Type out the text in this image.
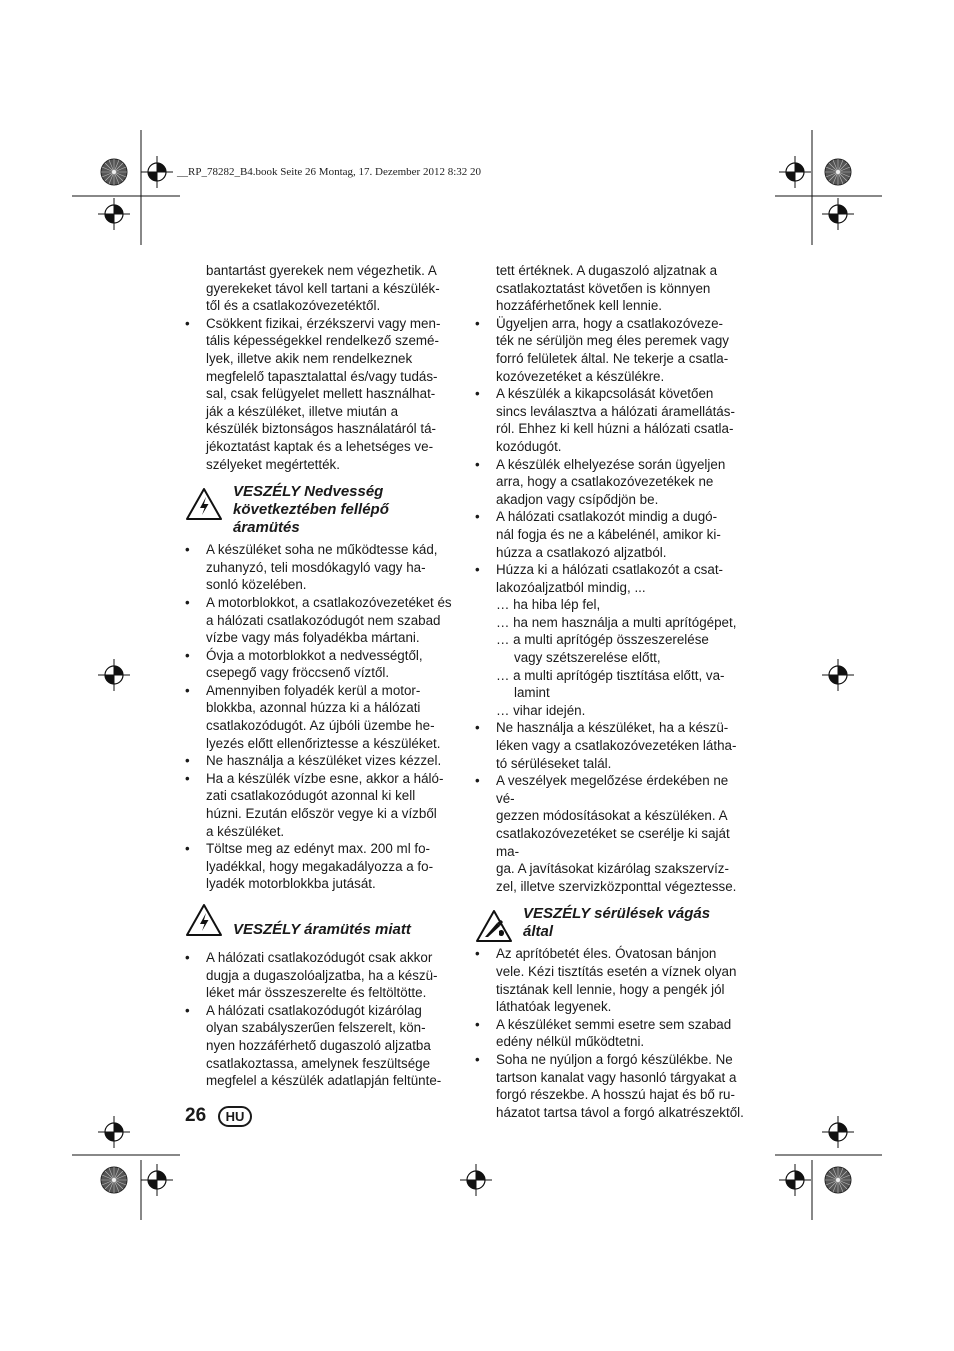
__RP_78282_B4.book Seite 26 Montag, 17. Dezember 2012 8:32 20

bantartást gyerekek nem végezhetik. A
gyerekeket távol kell tartani a készülék-
től és a csatlakozóvezetéktől.

• Csökkent fizikai, érzékszervi vagy men-
tális képességekkel rendelkező szemé-
lyek, illetve akik nem rendelkeznek
megfelelő tapasztalattal és/vagy tudás-
sal, csak felügyelet mellett használhat-
ják a készüléket, illetve miután a
készülék biztonságos használatáról tá-
jékoztatást kaptak és a lehetséges ve-
szélyeket megértették.
VESZÉLY Nedvesség
következtében fellépő
áramütés
• A készüléket soha ne működtesse kád,
zuhanyzó, teli mosdókagyló vagy ha-
sonló közelében.
• A motorblokkot, a csatlakozóvezetéket és
a hálózati csatlakozódugót nem szabad
vízbe vagy más folyadékba mártani.
• Óvja a motorblokkot a nedvességtől,
csepegő vagy fröccsenő víztől.
• Amennyiben folyadék kerül a motor-
blokkba, azonnal húzza ki a hálózati
csatlakozódugót. Az újbóli üzembe he-
lyezés előtt ellenőriztesse a készüléket.
• Ne használja a készüléket vizes kézzel.
• Ha a készülék vízbe esne, akkor a háló-
zati csatlakozódugót azonnal ki kell
húzni. Ezután először vegye ki a vízből
a készüléket.
• Töltse meg az edényt max. 200 ml fo-
lyadékkal, hogy megakadályozza a fo-
lyadék motorblokkba jutását.
VESZÉLY áramütés miatt
• A hálózati csatlakozódugót csak akkor
dugja a dugaszolóaljzatba, ha a készü-
léket már összeszerelte és feltöltötte.
• A hálózati csatlakozódugót kizárólag
olyan szabályszerűen felszerelt, kön-
nyen hozzáférhető dugaszoló aljzatba
csatlakoztassa, amelynek feszültsége
megfelel a készülék adatlapján feltünte-

tett értéknek. A dugaszoló aljzatnak a
csatlakoztatást követően is könnyen
hozzáférhetőnek kell lennie.

• Ügyeljen arra, hogy a csatlakozóveze-
ték ne sérüljön meg éles peremek vagy
forró felületek által. Ne tekerje a csatla-
kozóvezetéket a készülékre.
• A készülék a kikapcsolását követően
sincs leválasztva a hálózati áramellátás-
ról. Ehhez ki kell húzni a hálózati csatla-
kozódugót.
• A készülék elhelyezése során ügyeljen
arra, hogy a csatlakozóvezetékek ne
akadjon vagy csípődjön be.
• A hálózati csatlakozót mindig a dugó-
nál fogja és ne a kábelénél, amikor ki-
húzza a csatlakozó aljzatból.
• Húzza ki a hálózati csatlakozót a csat-
lakozóaljzatból mindig, ...
… ha hiba lép fel,
… ha nem használja a multi aprítógépet,
… a multi aprítógép összeszerelése
vagy szétszerelése előtt,
… a multi aprítógép tisztítása előtt, va-
lamint
… vihar idején.
• Ne használja a készüléket, ha a készü-
léken vagy a csatlakozóvezetéken látha-
tó sérüléseket talál.
• A veszélyek megelőzése érdekében ne vé-
gezzen módosításokat a készüléken. A
csatlakozóvezetéket se cserélje ki saját ma-
ga. A javításokat kizárólag szakszervíz-
zel, illetve szervizközponttal végeztesse.
VESZÉLY sérülések vágás
által
• Az aprítóbetét éles. Óvatosan bánjon
vele. Kézi tisztítás esetén a víznek olyan
tisztának kell lennie, hogy a pengék jól
láthatóak legyenek.
• A készüléket semmi esetre sem szabad
edény nélkül működtetni.
• Soha ne nyúljon a forgó készülékbe. Ne
tartson kanalat vagy hasonló tárgyakat a
forgó részekbe. A hosszú hajat és bő ru-
házatot tartsa távol a forgó alkatrészektől.
26	HU
